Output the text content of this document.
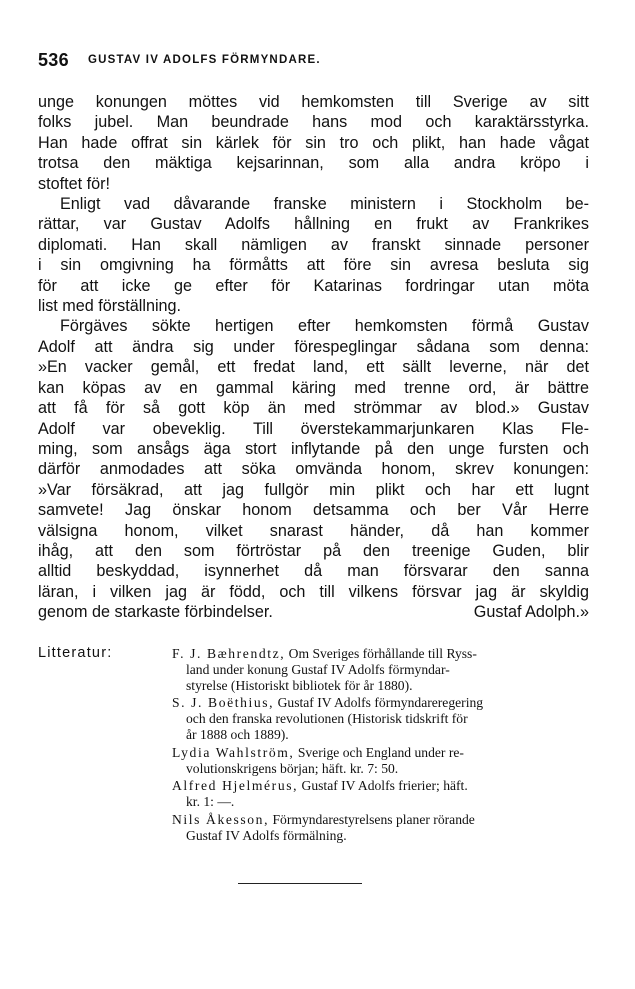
536 GUSTAV IV ADOLFS FÖRMYNDARE.
unge konungen möttes vid hemkomsten till Sverige av sitt
folks jubel. Man beundrade hans mod och karaktärsstyrka.
Han hade offrat sin kärlek för sin tro och plikt, han hade vågat
trotsa den mäktiga kejsarinnan, som alla andra kröpo i
stoftet för!
Enligt vad dåvarande franske ministern i Stockholm be-
rättar, var Gustav Adolfs hållning en frukt av Frankrikes
diplomati. Han skall nämligen av franskt sinnade personer
i sin omgivning ha förmåtts att före sin avresa besluta sig
för att icke ge efter för Katarinas fordringar utan möta
list med förställning.
Förgäves sökte hertigen efter hemkomsten förmå Gustav
Adolf att ändra sig under förespeglingar sådana som denna:
»En vacker gemål, ett fredat land, ett sällt leverne, när det
kan köpas av en gammal käring med trenne ord, är bättre
att få för så gott köp än med strömmar av blod.» Gustav
Adolf var obeveklig. Till överstekammarjunkaren Klas Fle-
ming, som ansågs äga stort inflytande på den unge fursten och
därför anmodades att söka omvända honom, skrev konungen:
»Var försäkrad, att jag fullgör min plikt och har ett lugnt
samvete! Jag önskar honom detsamma och ber Vår Herre
välsigna honom, vilket snarast händer, då han kommer
ihåg, att den som förtröstar på den treenige Guden, blir
alltid beskyddad, isynnerhet då man försvarar den sanna
läran, i vilken jag är född, och till vilkens försvar jag är skyldig
genom de starkaste förbindelser.	Gustaf Adolph.»
Litteratur:	F. J. Bæhrendtz, Om Sveriges förhållande till Ryss-
land under konung Gustaf IV Adolfs förmyndar-
styrelse (Historiskt bibliotek för år 1880).
S. J. Boëthius, Gustaf IV Adolfs förmyndareregering
och den franska revolutionen (Historisk tidskrift för
år 1888 och 1889).
Lydia Wahlström, Sverige och England under re-
volutionskrigens början; häft. kr. 7: 50.
Alfred Hjelmérus, Gustaf IV Adolfs frierier; häft.
kr. 1: —.
Nils Åkesson, Förmyndarestyrelsens planer rörande
Gustaf IV Adolfs förmälning.
